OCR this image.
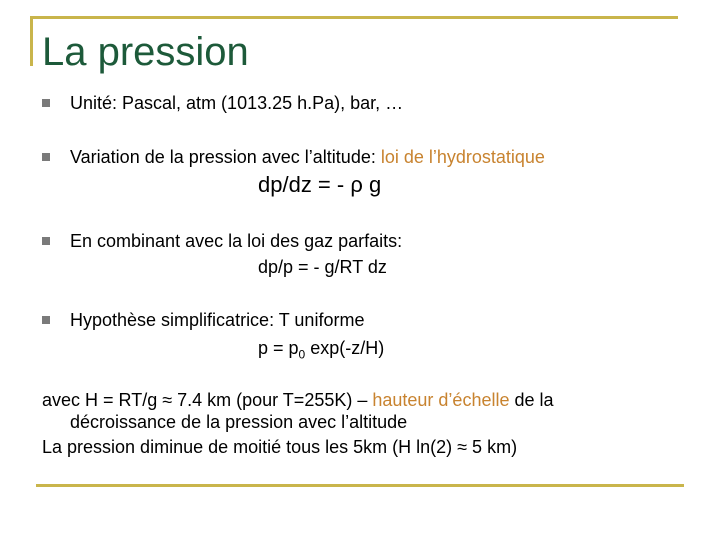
La pression
Unité: Pascal, atm (1013.25 h.Pa), bar, …
Variation de la pression avec l’altitude: loi de l’hydrostatique
dp/dz = - ρ g
En combinant avec la loi des gaz parfaits:
dp/p = - g/RT dz
Hypothèse simplificatrice: T uniforme
$p = p_0$ exp(-z/H)
avec H = RT/g ≈ 7.4 km (pour T=255K) – hauteur d’échelle de la
décroissance de la pression avec l’altitude
La pression diminue de moitié tous les 5km (H ln(2) ≈ 5 km)
